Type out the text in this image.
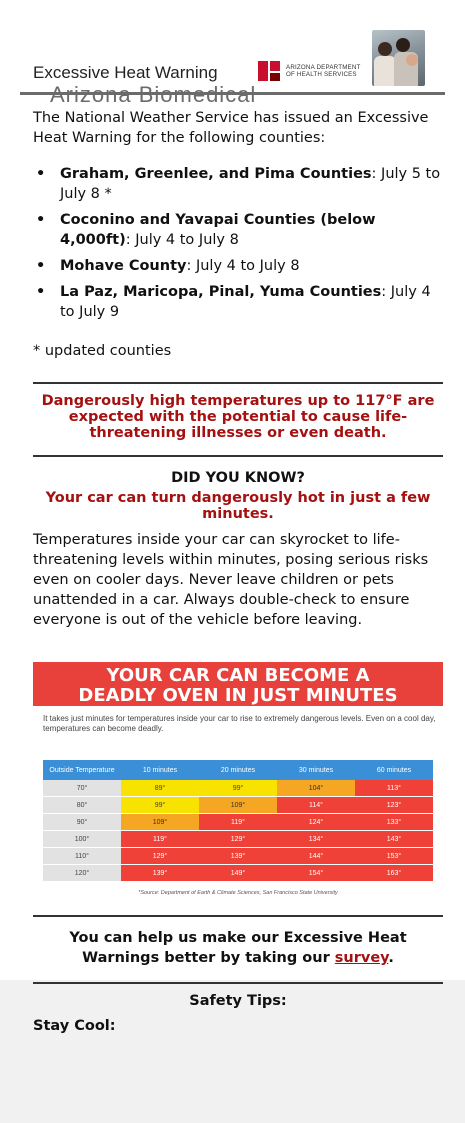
Excessive Heat Warning	ARIZONA DEPARTMENT
OF HEALTH SERVICES
Arizona Biomedical
The National Weather Service has issued an Excessive Heat Warning for the following counties:
• Graham, Greenlee, and Pima Counties: July 5 to July 8 *
• Coconino and Yavapai Counties (below 4,000ft): July 4 to July 8
• Mohave County: July 4 to July 8
• La Paz, Maricopa, Pinal, Yuma Counties: July 4 to July 9
* updated counties
Dangerously high temperatures up to 117°F are expected with the potential to cause life-threatening illnesses or even death.
DID YOU KNOW?
Your car can turn dangerously hot in just a few minutes.
Temperatures inside your car can skyrocket to life-threatening levels within minutes, posing serious risks even on cooler days. Never leave children or pets unattended in a car. Always double-check to ensure everyone is out of the vehicle before leaving.
YOUR CAR CAN BECOME A
DEADLY OVEN IN JUST MINUTES
It takes just minutes for temperatures inside your car to rise to extremely dangerous levels. Even on a cool day, temperatures can become deadly.
Outside Temperature	10 minutes	20 minutes	30 minutes	60 minutes
70°	89°	99°	104°	113°
80°	99°	109°	114°	123°
90°	109°	119°	124°	133°
100°	119°	129°	134°	143°
110°	129°	139°	144°	153°
120°	139°	149°	154°	163°
*Source: Department of Earth & Climate Sciences, San Francisco State University
You can help us make our Excessive Heat Warnings better by taking our survey.
Safety Tips:
Stay Cool:
